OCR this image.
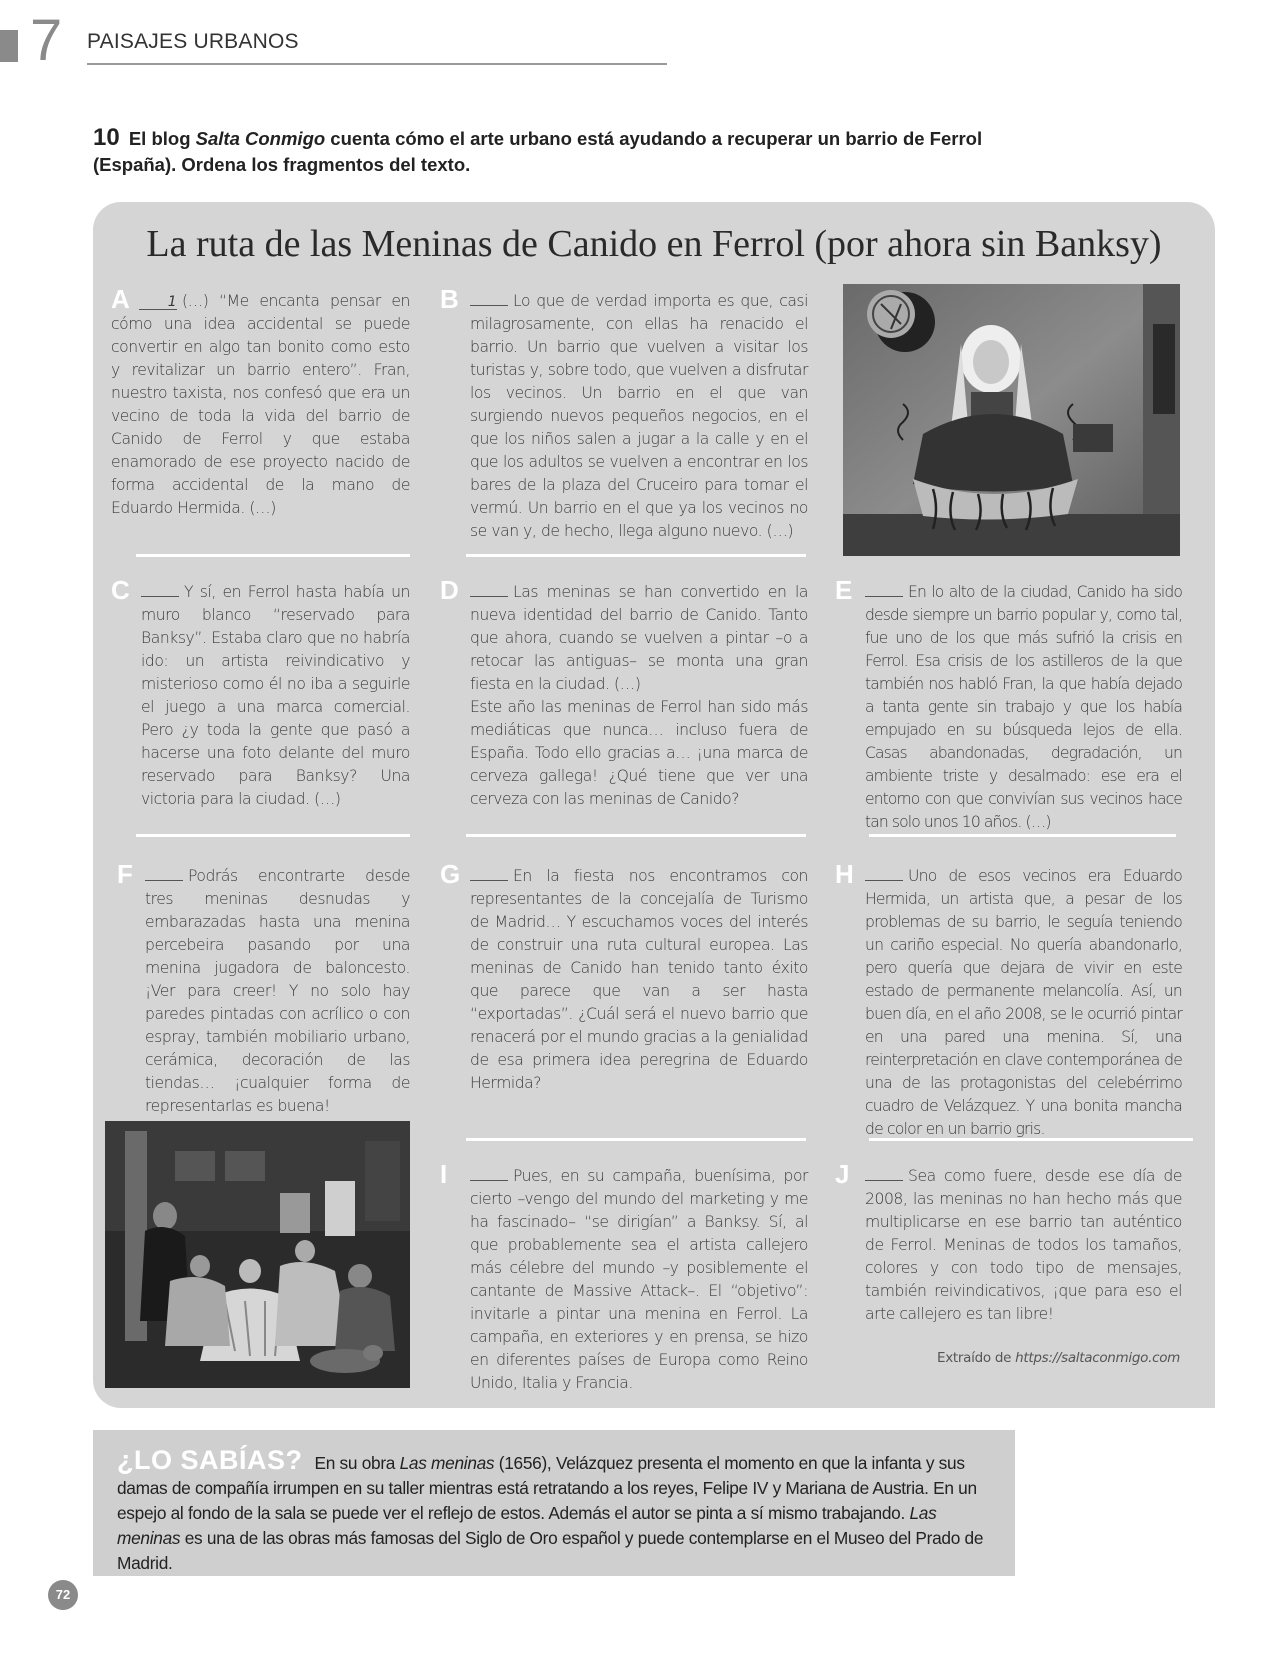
7 PAISAJES URBANOS
10 El blog Salta Conmigo cuenta cómo el arte urbano está ayudando a recuperar un barrio de Ferrol (España). Ordena los fragmentos del texto.
La ruta de las Meninas de Canido en Ferrol (por ahora sin Banksy)
A	1 (…) “Me encanta pensar en cómo una idea accidental se puede convertir en algo tan bonito como esto y revitalizar un barrio entero”. Fran, nuestro taxista, nos confesó que era un vecino de toda la vida del barrio de Canido de Ferrol y que estaba enamorado de ese proyecto nacido de forma accidental de la mano de Eduardo Hermida. (…)

B	Lo que de verdad importa es que, casi milagrosamente, con ellas ha renacido el barrio. Un barrio que vuelven a visitar los turistas y, sobre todo, que vuelven a disfrutar los vecinos. Un barrio en el que van surgiendo nuevos pequeños negocios, en el que los niños salen a jugar a la calle y en el que los adultos se vuelven a encontrar en los bares de la plaza del Cruceiro para tomar el vermú. Un barrio en el que ya los vecinos no se van y, de hecho, llega alguno nuevo. (…)

C	Y sí, en Ferrol hasta había un muro blanco “reservado para Banksy”. Estaba claro que no habría ido: un artista reivindicativo y misterioso como él no iba a seguirle el juego a una marca comercial. Pero ¿y toda la gente que pasó a hacerse una foto delante del muro reservado para Banksy? Una victoria para la ciudad. (…)

D	Las meninas se han convertido en la nueva identidad del barrio de Canido. Tanto que ahora, cuando se vuelven a pintar –o a retocar las antiguas– se monta una gran fiesta en la ciudad. (…)

Este año las meninas de Ferrol han sido más mediáticas que nunca… incluso fuera de España. Todo ello gracias a… ¡una marca de cerveza gallega! ¿Qué tiene que ver una cerveza con las meninas de Canido?

E	En lo alto de la ciudad, Canido ha sido desde siempre un barrio popular y, como tal, fue uno de los que más sufrió la crisis en Ferrol. Esa crisis de los astilleros de la que también nos habló Fran, la que había dejado a tanta gente sin trabajo y que los había empujado en su búsqueda lejos de ella. Casas abandonadas, degradación, un ambiente triste y desalmado: ese era el entorno con que convivían sus vecinos hace tan solo unos 10 años. (…)

F	Podrás encontrarte desde tres meninas desnudas y embarazadas hasta una menina percebeira pasando por una menina jugadora de baloncesto. ¡Ver para creer! Y no solo hay paredes pintadas con acrílico o con espray, también mobiliario urbano, cerámica, decoración de las tiendas… ¡cualquier forma de representarlas es buena!

G	En la fiesta nos encontramos con representantes de la concejalía de Turismo de Madrid… Y escuchamos voces del interés de construir una ruta cultural europea. Las meninas de Canido han tenido tanto éxito que parece que van a ser hasta “exportadas”. ¿Cuál será el nuevo barrio que renacerá por el mundo gracias a la genialidad de esa primera idea peregrina de Eduardo Hermida?

H	Uno de esos vecinos era Eduardo Hermida, un artista que, a pesar de los problemas de su barrio, le seguía teniendo un cariño especial. No quería abandonarlo, pero quería que dejara de vivir en este estado de permanente melancolía. Así, un buen día, en el año 2008, se le ocurrió pintar en una pared una menina. Sí, una reinterpretación en clave contemporánea de una de las protagonistas del celebérrimo cuadro de Velázquez. Y una bonita mancha de color en un barrio gris.

I	Pues, en su campaña, buenísima, por cierto –vengo del mundo del marketing y me ha fascinado– “se dirigían” a Banksy. Sí, al que probablemente sea el artista callejero más célebre del mundo –y posiblemente el cantante de Massive Attack–. El “objetivo”: invitarle a pintar una menina en Ferrol. La campaña, en exteriores y en prensa, se hizo en diferentes países de Europa como Reino Unido, Italia y Francia.

J	Sea como fuere, desde ese día de 2008, las meninas no han hecho más que multiplicarse en ese barrio tan auténtico de Ferrol. Meninas de todos los tamaños, colores y con todo tipo de mensajes, también reivindicativos, ¡que para eso el arte callejero es tan libre!

Extraído de https://saltaconmigo.com
¿LO SABÍAS? En su obra Las meninas (1656), Velázquez presenta el momento en que la infanta y sus damas de compañía irrumpen en su taller mientras está retratando a los reyes, Felipe IV y Mariana de Austria. En un espejo al fondo de la sala se puede ver el reflejo de estos. Además el autor se pinta a sí mismo trabajando. Las meninas es una de las obras más famosas del Siglo de Oro español y puede contemplarse en el Museo del Prado de Madrid.
72
